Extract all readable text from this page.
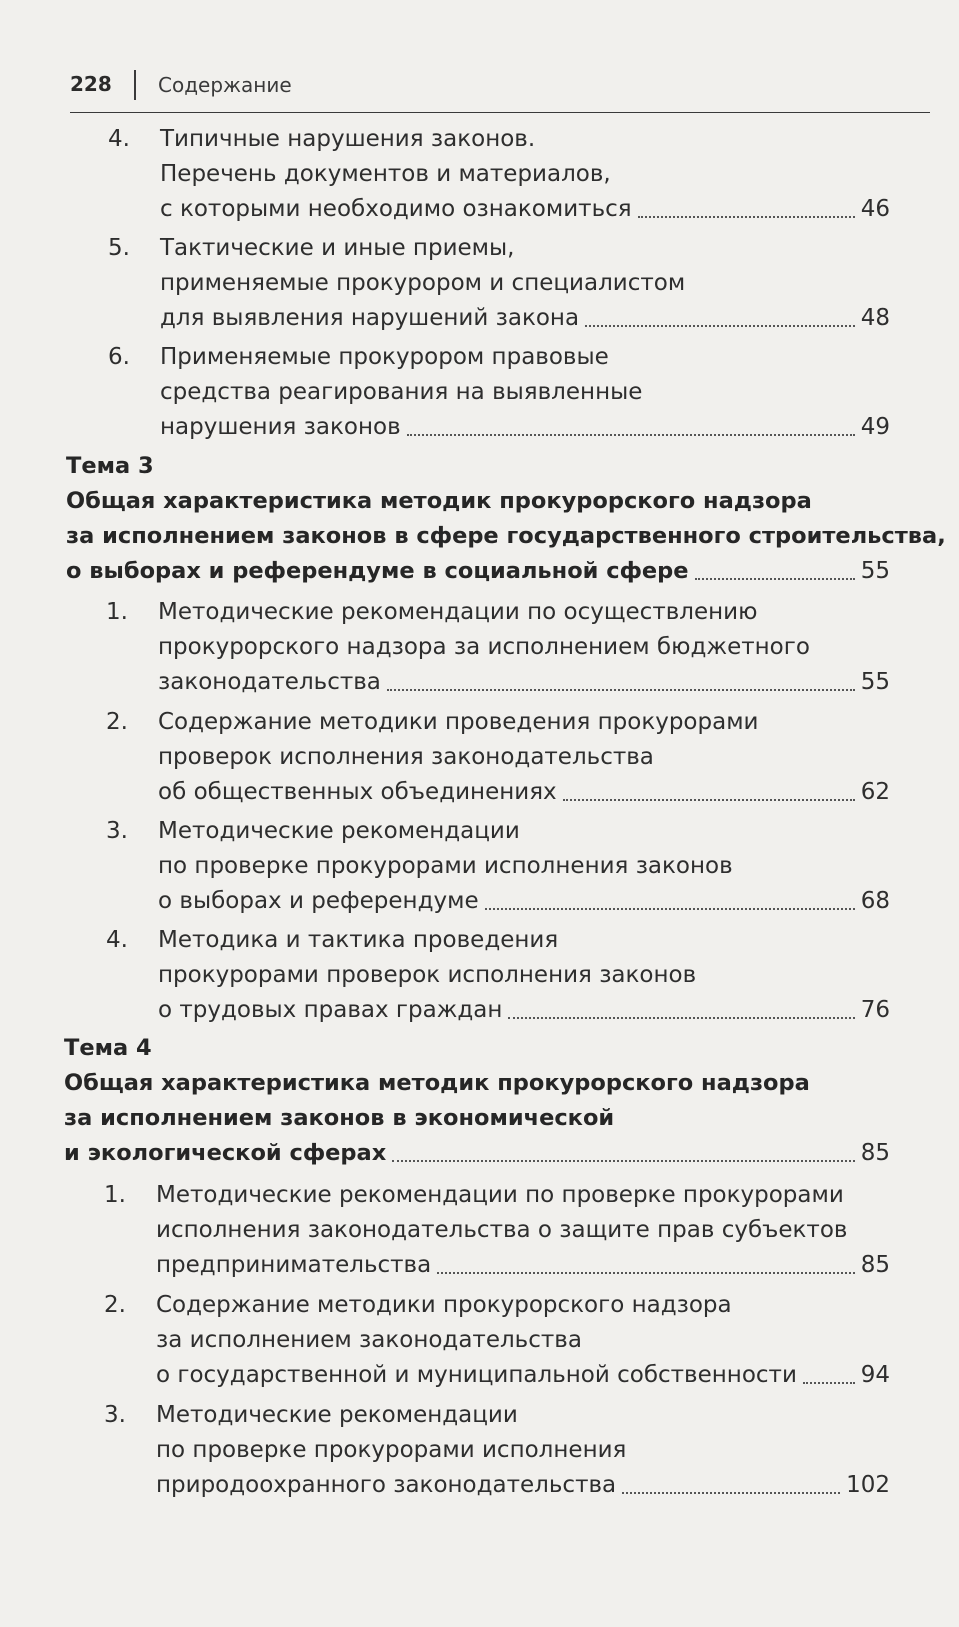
228 Содержание
4. Типичные нарушения законов.
Перечень документов и материалов,
с которыми необходимо ознакомиться	46
5. Тактические и иные приемы,
применяемые прокурором и специалистом
для выявления нарушений закона	48
6. Применяемые прокурором правовые
средства реагирования на выявленные
нарушения законов	49
Тема 3
Общая характеристика методик прокурорского надзора
за исполнением законов в сфере государственного строительства,
о выборах и референдуме в социальной сфере	55
1. Методические рекомендации по осуществлению
прокурорского надзора за исполнением бюджетного
законодательства	55
2. Содержание методики проведения прокурорами
проверок исполнения законодательства
об общественных объединениях	62
3. Методические рекомендации
по проверке прокурорами исполнения законов
о выборах и референдуме	68
4. Методика и тактика проведения
прокурорами проверок исполнения законов
о трудовых правах граждан	76
Тема 4
Общая характеристика методик прокурорского надзора
за исполнением законов в экономической
и экологической сферах	85
1. Методические рекомендации по проверке прокурорами
исполнения законодательства о защите прав субъектов
предпринимательства	85
2. Содержание методики прокурорского надзора
за исполнением законодательства
о государственной и муниципальной собственности	94
3. Методические рекомендации
по проверке прокурорами исполнения
природоохранного законодательства	102
